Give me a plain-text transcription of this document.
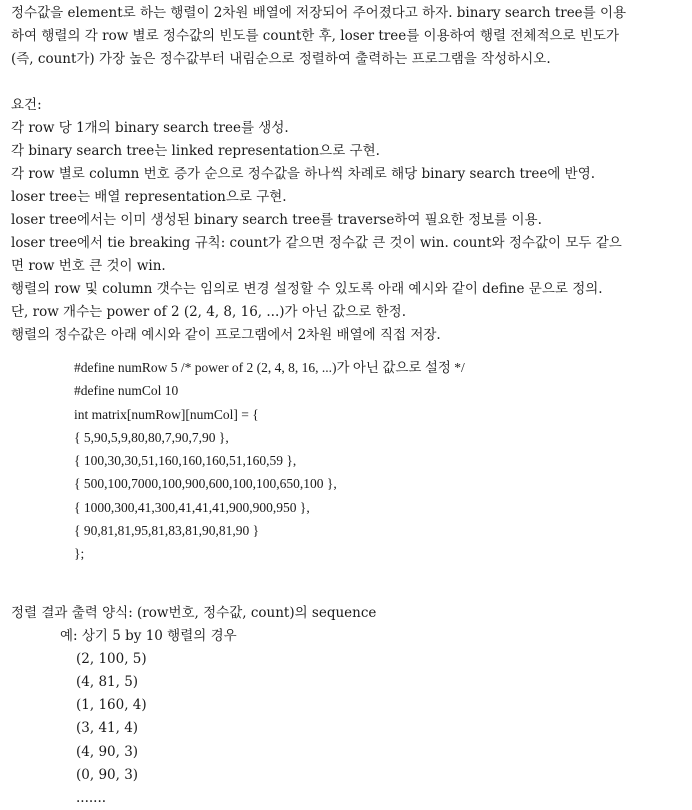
정수값을 element로 하는 행렬이 2차원 배열에 저장되어 주어졌다고 하자. binary search tree를 이용
하여 행렬의 각 row 별로 정수값의 빈도를 count한 후, loser tree를 이용하여 행렬 전체적으로 빈도가
(즉, count가) 가장 높은 정수값부터 내림순으로 정렬하여 출력하는 프로그램을 작성하시오.
요건:
각 row 당 1개의 binary search tree를 생성.
각 binary search tree는 linked representation으로 구현.
각 row 별로 column 번호 증가 순으로 정수값을 하나씩 차례로 해당 binary search tree에 반영.
loser tree는 배열 representation으로 구현.
loser tree에서는 이미 생성된 binary search tree를 traverse하여 필요한 정보를 이용.
loser tree에서 tie breaking 규칙: count가 같으면 정수값 큰 것이 win. count와 정수값이 모두 같으
면 row 번호 큰 것이 win.
행렬의 row 및 column 갯수는 임의로 변경 설정할 수 있도록 아래 예시와 같이 define 문으로 정의.
단, row 개수는 power of 2 (2, 4, 8, 16, ...)가 아닌 값으로 한정.
행렬의 정수값은 아래 예시와 같이 프로그램에서 2차원 배열에 직접 저장.
#define numRow 5 /* power of 2 (2, 4, 8, 16, ...)가 아닌 값으로 설정 */
#define numCol 10
int matrix[numRow][numCol] = {
{ 5,90,5,9,80,80,7,90,7,90 },
{ 100,30,30,51,160,160,160,51,160,59 },
{ 500,100,7000,100,900,600,100,100,650,100 },
{ 1000,300,41,300,41,41,41,900,900,950 },
{ 90,81,81,95,81,83,81,90,81,90 }
};
정렬 결과 출력 양식: (row번호, 정수값, count)의 sequence
예: 상기 5 by 10 행렬의 경우
(2, 100, 5)
(4, 81, 5)
(1, 160, 4)
(3, 41, 4)
(4, 90, 3)
(0, 90, 3)
.......
